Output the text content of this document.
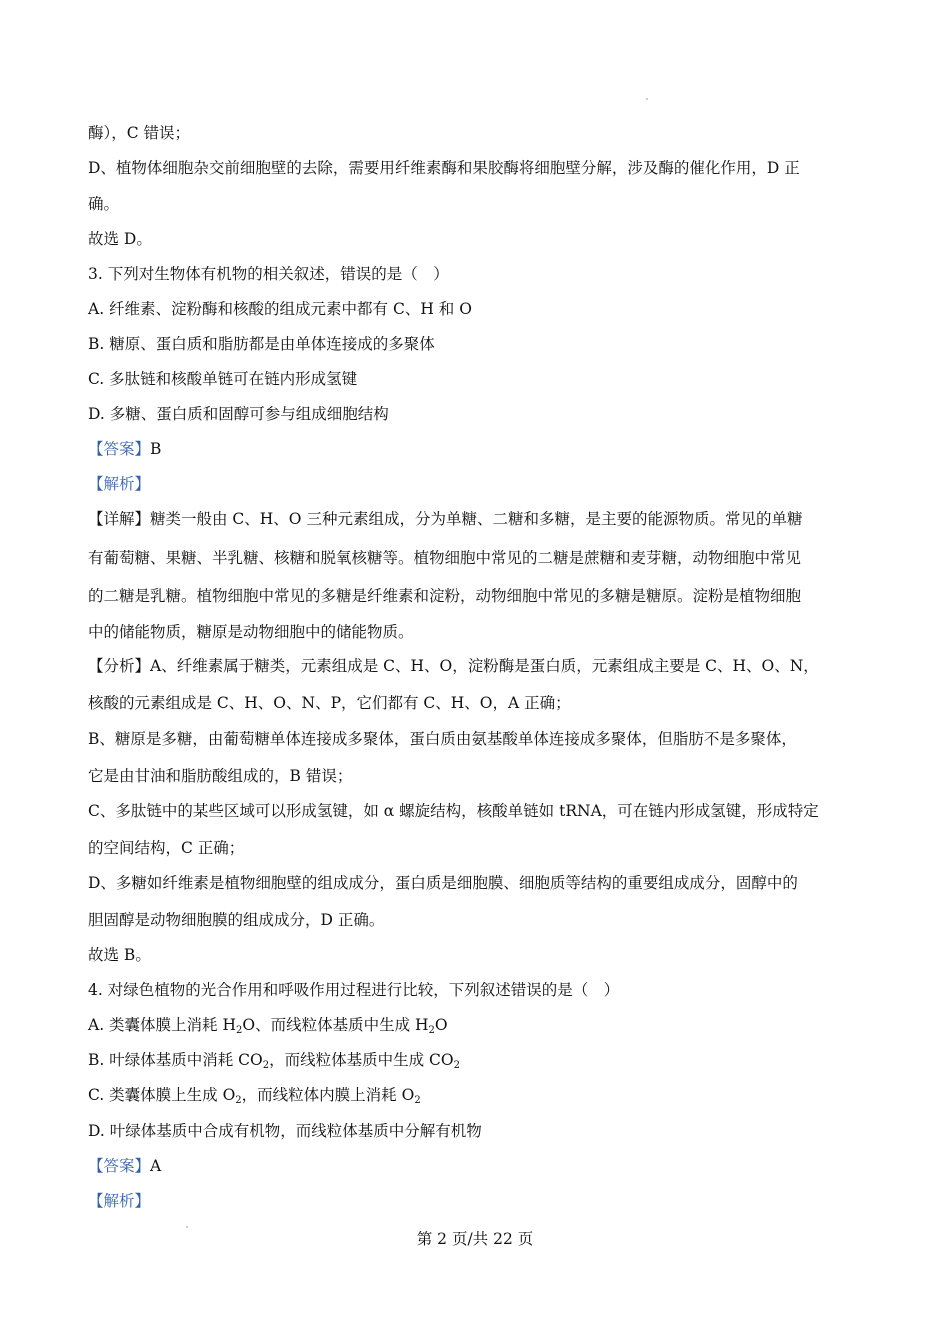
酶），C 错误；
D、植物体细胞杂交前细胞壁的去除，需要用纤维素酶和果胶酶将细胞壁分解，涉及酶的催化作用，D 正
确。
故选 D。
3. 下列对生物体有机物的相关叙述，错误的是（　）
A. 纤维素、淀粉酶和核酸的组成元素中都有 C、H 和 O
B. 糖原、蛋白质和脂肪都是由单体连接成的多聚体
C. 多肽链和核酸单链可在链内形成氢键
D. 多糖、蛋白质和固醇可参与组成细胞结构
【答案】B
【解析】
【详解】糖类一般由 C、H、O 三种元素组成，分为单糖、二糖和多糖，是主要的能源物质。常见的单糖
有葡萄糖、果糖、半乳糖、核糖和脱氧核糖等。植物细胞中常见的二糖是蔗糖和麦芽糖，动物细胞中常见
的二糖是乳糖。植物细胞中常见的多糖是纤维素和淀粉，动物细胞中常见的多糖是糖原。淀粉是植物细胞
中的储能物质，糖原是动物细胞中的储能物质。
【分析】A、纤维素属于糖类，元素组成是 C、H、O，淀粉酶是蛋白质，元素组成主要是 C、H、O、N，
核酸的元素组成是 C、H、O、N、P，它们都有 C、H、O，A 正确；
B、糖原是多糖，由葡萄糖单体连接成多聚体，蛋白质由氨基酸单体连接成多聚体，但脂肪不是多聚体，
它是由甘油和脂肪酸组成的，B 错误；
C、多肽链中的某些区域可以形成氢键，如 α 螺旋结构，核酸单链如 tRNA，可在链内形成氢键，形成特定
的空间结构，C 正确；
D、多糖如纤维素是植物细胞壁的组成成分，蛋白质是细胞膜、细胞质等结构的重要组成成分，固醇中的
胆固醇是动物细胞膜的组成成分，D 正确。
故选 B。
4. 对绿色植物的光合作用和呼吸作用过程进行比较，下列叙述错误的是（　）
A. 类囊体膜上消耗 $H_2O$、而线粒体基质中生成 $H_2O$
B. 叶绿体基质中消耗 $CO_2$，而线粒体基质中生成 $CO_2$
C. 类囊体膜上生成 $O_2$，而线粒体内膜上消耗 $O_2$
D. 叶绿体基质中合成有机物，而线粒体基质中分解有机物
【答案】A
【解析】
第 2 页/共 22 页
